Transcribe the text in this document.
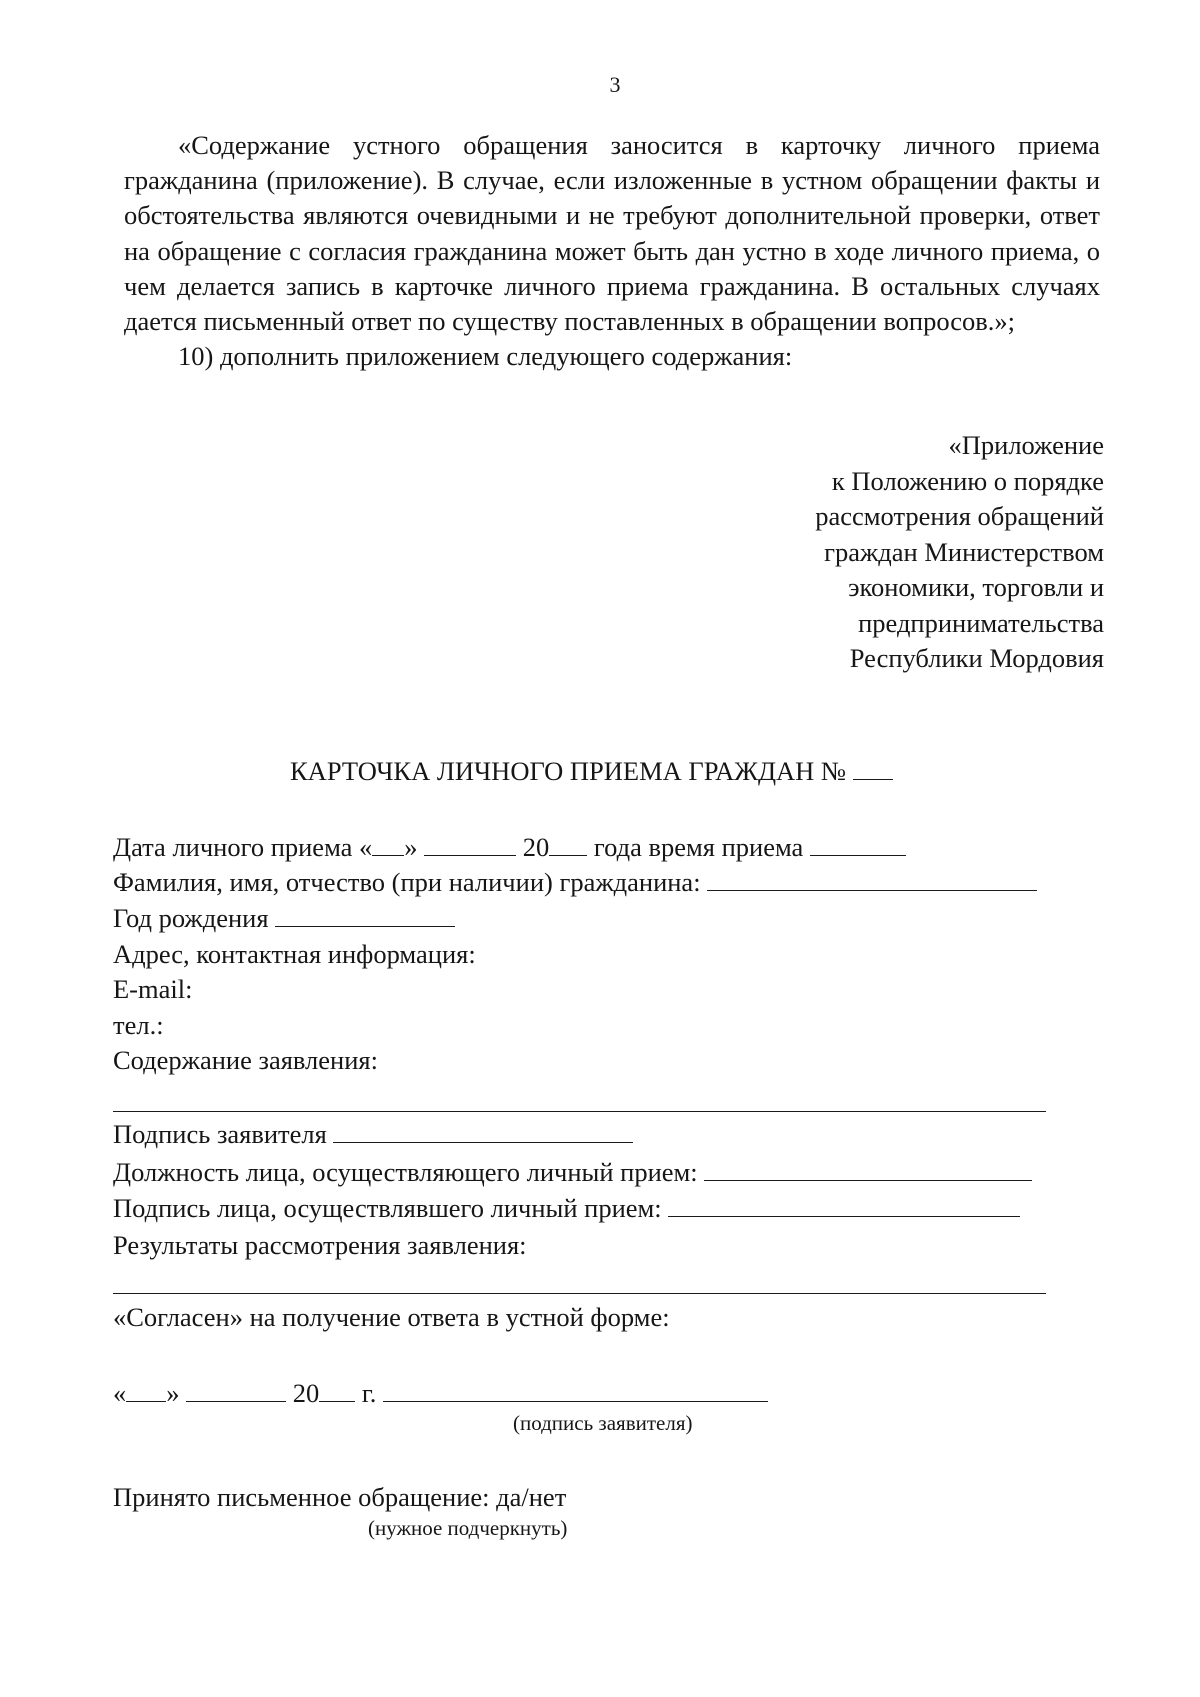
3

«Содержание устного обращения заносится в карточку личного приема гражданина (приложение). В случае, если изложенные в устном обращении факты и обстоятельства являются очевидными и не требуют дополнительной проверки, ответ на обращение с согласия гражданина может быть дан устно в ходе личного приема, о чем делается запись в карточке личного приема гражданина. В остальных случаях дается письменный ответ по существу поставленных в обращении вопросов.»;

10) дополнить приложением следующего содержания:

«Приложение
к Положению о порядке
рассмотрения обращений
граждан Министерством
экономики, торговли и
предпринимательства
Республики Мордовия
КАРТОЧКА ЛИЧНОГО ПРИЕМА ГРАЖДАН №
Дата личного приема « »	20 года время приема
Фамилия, имя, отчество (при наличии) гражданина:
Год рождения
Адрес, контактная информация:
E-mail:
тел.:
Содержание заявления:
Подпись заявителя
Должность лица, осуществляющего личный прием:
Подпись лица, осуществлявшего личный прием:
Результаты рассмотрения заявления:
«Согласен» на получение ответа в устной форме:
« »	20 г.
(подпись заявителя)
Принято письменное обращение: да/нет
(нужное подчеркнуть)
